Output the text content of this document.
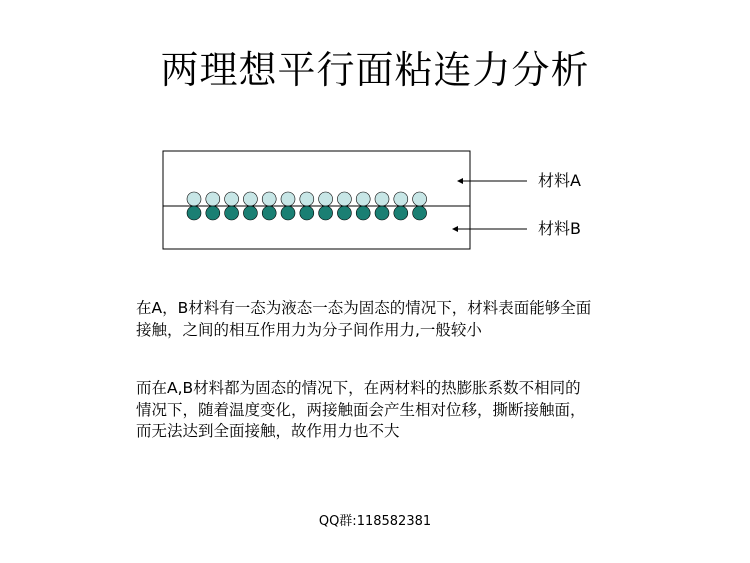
两理想平行面粘连力分析
材料A
材料B

在A，B材料有一态为液态一态为固态的情况下，材料表面能够全面接触，之间的相互作用力为分子间作用力,一般较小

而在A,B材料都为固态的情况下，在两材料的热膨胀系数不相同的情况下，随着温度变化，两接触面会产生相对位移，撕断接触面，而无法达到全面接触，故作用力也不大

QQ群:118582381
